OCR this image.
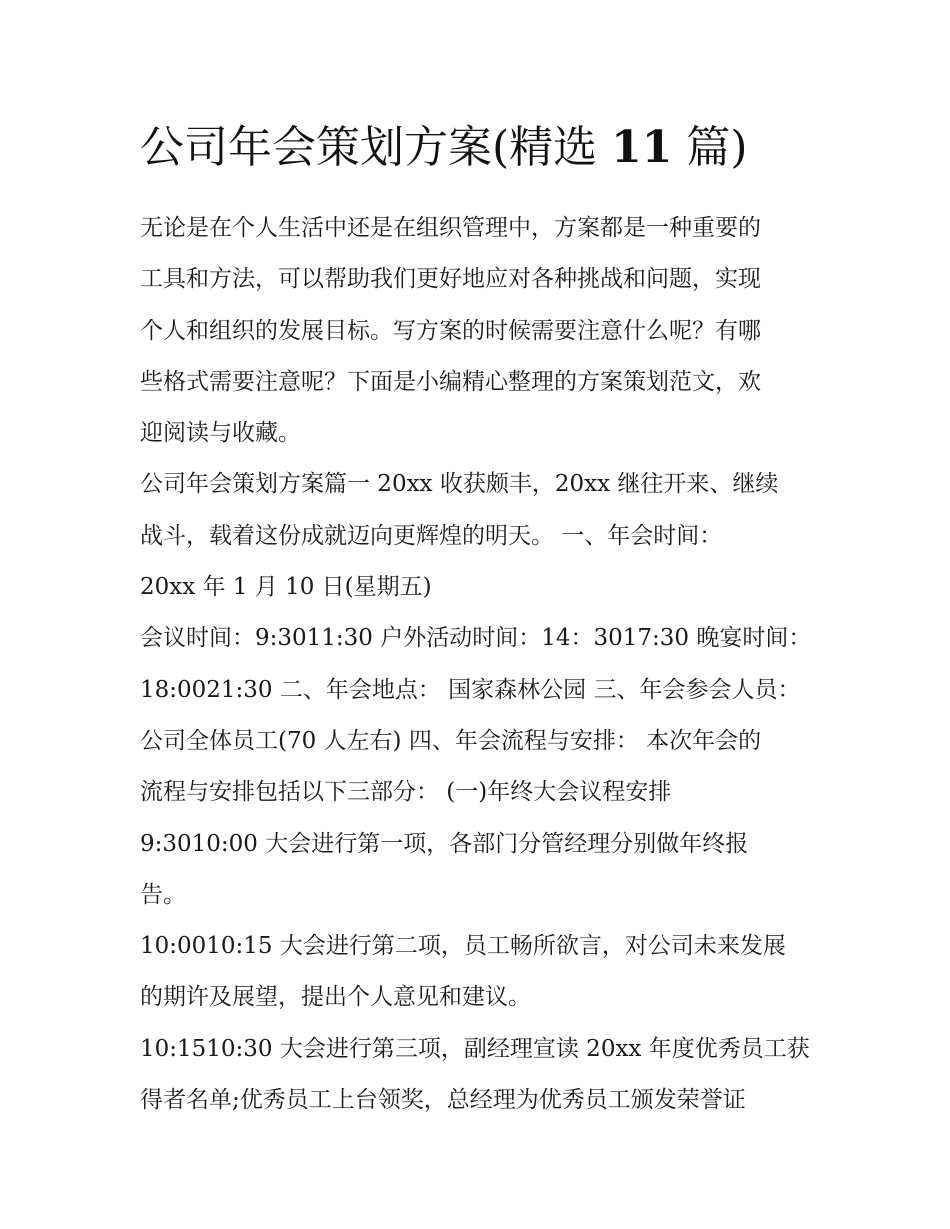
公司年会策划方案(精选 11 篇)
无论是在个人生活中还是在组织管理中，方案都是一种重要的
工具和方法，可以帮助我们更好地应对各种挑战和问题，实现
个人和组织的发展目标。写方案的时候需要注意什么呢？有哪
些格式需要注意呢？下面是小编精心整理的方案策划范文，欢
迎阅读与收藏。
公司年会策划方案篇一 20xx 收获颇丰，20xx 继往开来、继续
战斗，载着这份成就迈向更辉煌的明天。 一、年会时间：
20xx 年 1 月 10 日(星期五)
会议时间：9:3011:30 户外活动时间：14：3017:30 晚宴时间：
18:0021:30 二、年会地点： 国家森林公园 三、年会参会人员：
公司全体员工(70 人左右) 四、年会流程与安排： 本次年会的
流程与安排包括以下三部分： (一)年终大会议程安排
9:3010:00 大会进行第一项，各部门分管经理分别做年终报
告。
10:0010:15 大会进行第二项，员工畅所欲言，对公司未来发展
的期许及展望，提出个人意见和建议。
10:1510:30 大会进行第三项，副经理宣读 20xx 年度优秀员工获
得者名单;优秀员工上台领奖，总经理为优秀员工颁发荣誉证
